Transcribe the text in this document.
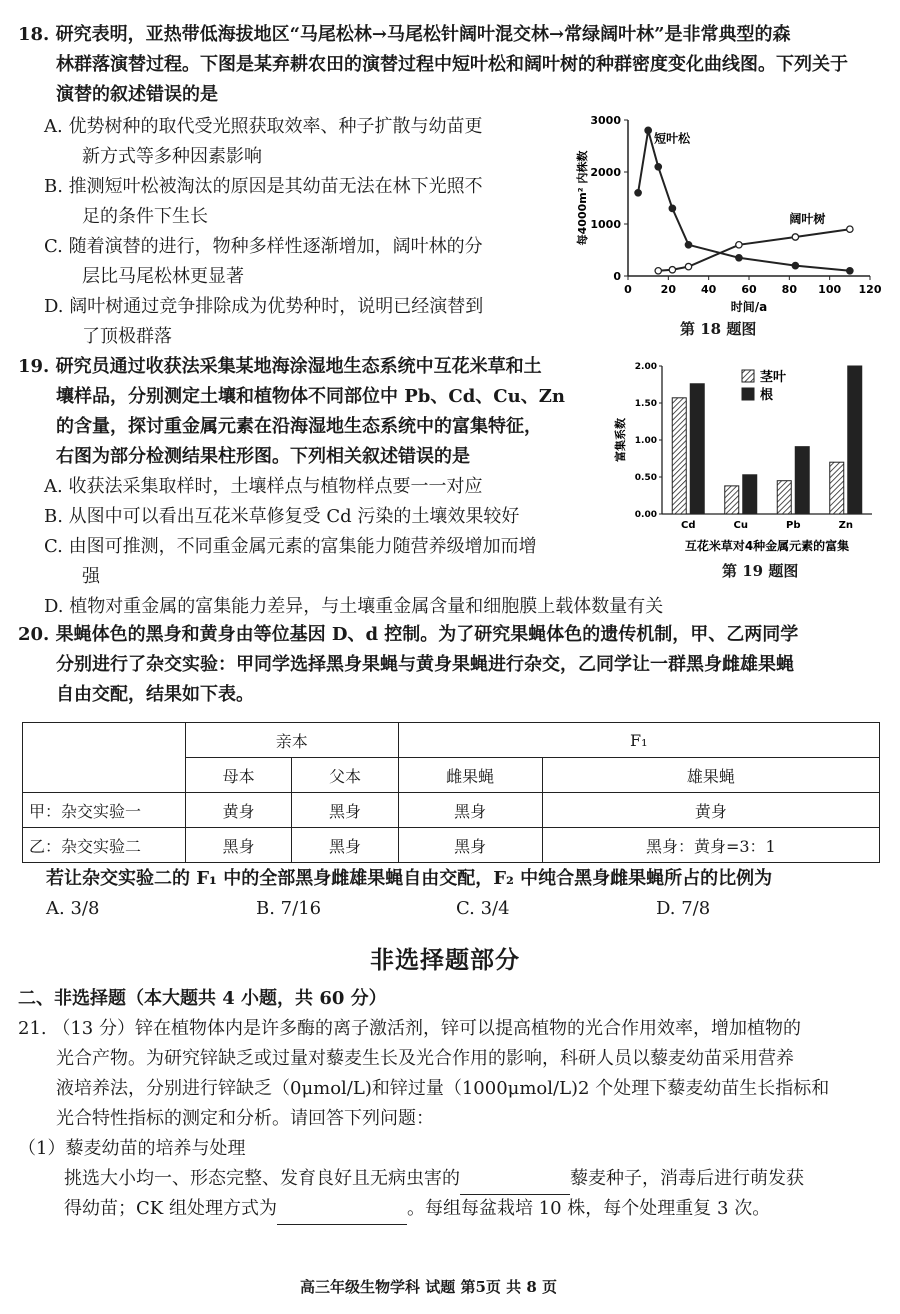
18. 研究表明，亚热带低海拔地区“马尾松林→马尾松针阔叶混交林→常绿阔叶林”是非常典型的森
林群落演替过程。下图是某弃耕农田的演替过程中短叶松和阔叶树的种群密度变化曲线图。下列关于
演替的叙述错误的是
A. 优势树种的取代受光照获取效率、种子扩散与幼苗更
新方式等多种因素影响
B. 推测短叶松被淘汰的原因是其幼苗无法在林下光照不
足的条件下生长
C. 随着演替的进行，物种多样性逐渐增加，阔叶林的分
层比马尾松林更显著
D. 阔叶树通过竞争排除成为优势种时，说明已经演替到
了顶极群落
0
1000
2000
3000
0	20 40 60 80 100 120
时间/a
每4000m² 内株数
短叶松
阔叶树
第 18 题图
19. 研究员通过收获法采集某地海涂湿地生态系统中互花米草和土
壤样品，分别测定土壤和植物体不同部位中 Pb、Cd、Cu、Zn
的含量，探讨重金属元素在沿海湿地生态系统中的富集特征，
右图为部分检测结果柱形图。下列相关叙述错误的是
A. 收获法采集取样时，土壤样点与植物样点要一一对应
B. 从图中可以看出互花米草修复受 Cd 污染的土壤效果较好
C. 由图可推测，不同重金属元素的富集能力随营养级增加而增
强
D. 植物对重金属的富集能力差异，与土壤重金属含量和细胞膜上载体数量有关
0.00
0.50
1.00
1.50
2.00
富集系数
Cd	Cu	Pb	Zn
互花米草对4种金属元素的富集
茎叶
根
第 19 题图
20. 果蝇体色的黑身和黄身由等位基因 D、d 控制。为了研究果蝇体色的遗传机制，甲、乙两同学
分别进行了杂交实验：甲同学选择黑身果蝇与黄身果蝇进行杂交，乙同学让一群黑身雌雄果蝇
自由交配，结果如下表。
	亲本		F₁	
	母本	父本	雌果蝇	雄果蝇
甲：杂交实验一	黄身	黑身	黑身	黄身
乙：杂交实验二	黑身	黑身	黑身	黑身：黄身=3：1
若让杂交实验二的 F₁ 中的全部黑身雌雄果蝇自由交配，F₂ 中纯合黑身雌果蝇所占的比例为
A. 3/8	B. 7/16	C. 3/4	D. 7/8
非选择题部分
二、非选择题（本大题共 4 小题，共 60 分）
21. （13 分）锌在植物体内是许多酶的离子激活剂，锌可以提高植物的光合作用效率，增加植物的
光合产物。为研究锌缺乏或过量对藜麦生长及光合作用的影响，科研人员以藜麦幼苗采用营养
液培养法，分别进行锌缺乏（0μmol/L)和锌过量（1000μmol/L)2 个处理下藜麦幼苗生长指标和
光合特性指标的测定和分析。请回答下列问题：
（1）藜麦幼苗的培养与处理
挑选大小均一、形态完整、发育良好且无病虫害的	藜麦种子，消毒后进行萌发获
得幼苗；CK 组处理方式为	。每组每盆栽培 10 株，每个处理重复 3 次。
高三年级生物学科 试题 第5页 共 8 页
